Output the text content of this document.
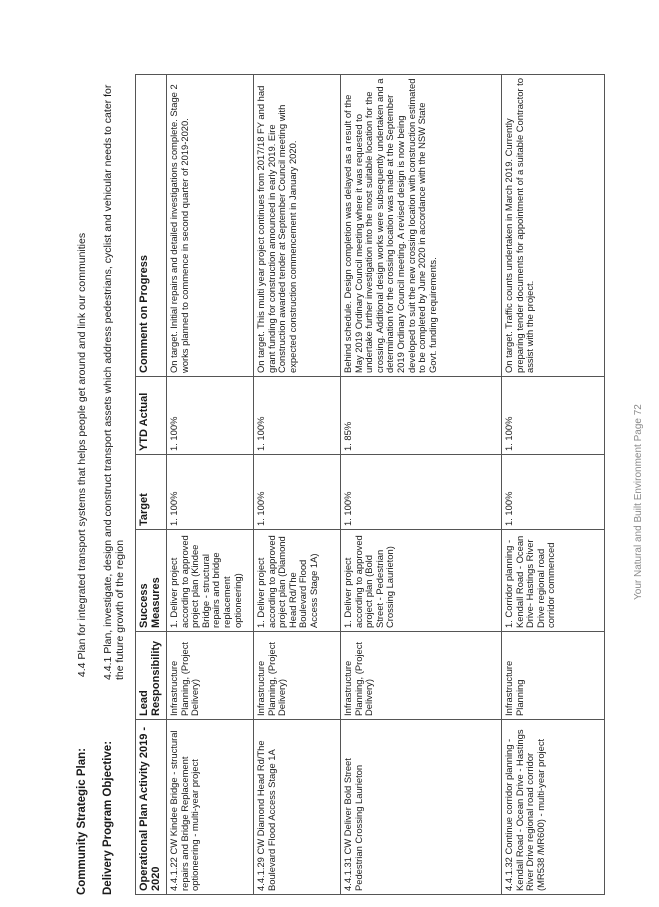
Community Strategic Plan: 4.4 Plan for integrated transport systems that helps people get around and link our communities
Delivery Program Objective:
4.4.1 Plan, investigate, design and construct transport assets which address pedestrians, cyclist and vehicular needs to cater for the future growth of the region
Operational Plan Activity 2019 - 2020	Lead Responsibility	Success Measures	Target	YTD Actual	Comment on Progress
4.4.1.22 CW Kindee Bridge - structural repairs and Bridge Replacement optioneering - multi-year project	Infrastructure Planning, (Project Delivery)	1. Deliver project according to approved project plan (Kindee Bridge - structural repairs and bridge replacement optioneering)	1. 100%	1. 100%	On target. Initial repairs and detailed investigations complete. Stage 2 works planned to commence in second quarter of 2019-2020.
4.4.1.29 CW Diamond Head Rd/The Boulevard Flood Access Stage 1A	Infrastructure Planning, (Project Delivery)	1. Deliver project according to approved project plan (Diamond Head Rd/The Boulevard Flood Access Stage 1A)	1. 100%	1. 100%	On target. This multi year project continues from 2017/18 FY and had grant funding for construction announced in early 2019. Eire Construction awarded tender at September Council meeting with expected construction commencement in January 2020.
4.4.1.31 CW Deliver Bold Street Pedestrian Crossing Laurieton	Infrastructure Planning, (Project Delivery)	1. Deliver project according to approved project plan (Bold Street - Pedestrian Crossing Laurieton)	1. 100%	1. 85%	Behind schedule. Design completion was delayed as a result of the May 2019 Ordinary Council meeting where it was requested to undertake further investigation into the most suitable location for the crossing. Additional design works were subsequently undertaken and a determination for the crossing location was made at the September 2019 Ordinary Council meeting. A revised design is now being developed to suit the new crossing location with construction estimated to be completed by June 2020 in accordance with the NSW State Govt. funding requirements.
4.4.1.32 Continue corridor planning - Kendall Road - Ocean Drive - Hastings River Drive regional road corridor (MR538 /MR600) - multi-year project	Infrastructure Planning	1. Corridor planning - Kendall Road - Ocean Drive- Hastings River Drive regional road corridor commenced	1. 100%	1. 100%	On target. Traffic counts undertaken in March 2019. Currently preparing tender documents for appointment of a suitable Contractor to assist with the project.
Your Natural and Built Environment Page 72
